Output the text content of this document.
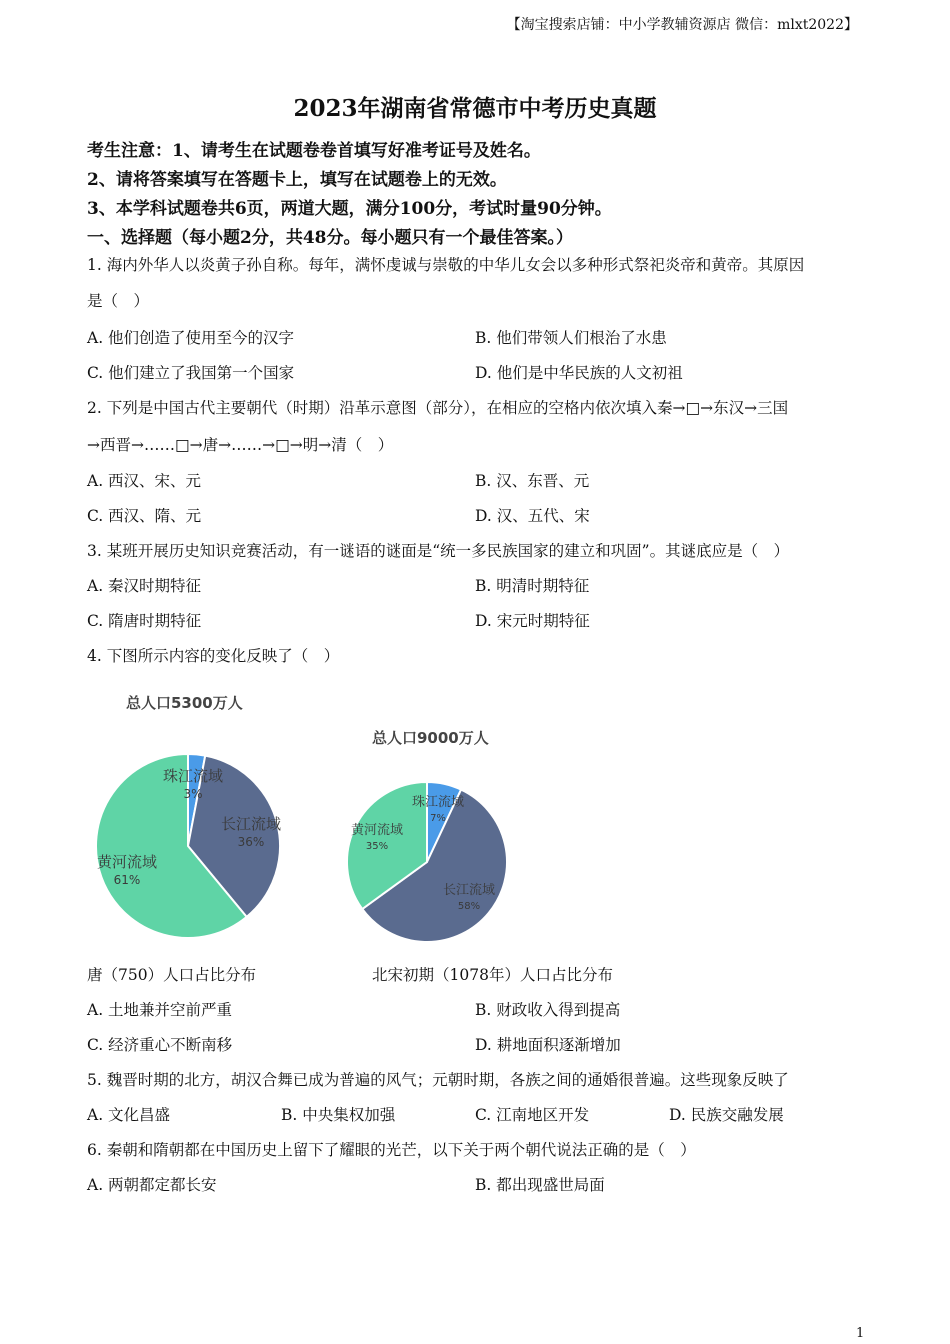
【淘宝搜索店铺：中小学教辅资源店 微信：mlxt2022】
2023年湖南省常德市中考历史真题
考生注意：1、请考生在试题卷卷首填写好准考证号及姓名。
2、请将答案填写在答题卡上，填写在试题卷上的无效。
3、本学科试题卷共6页，两道大题，满分100分，考试时量90分钟。
一、选择题（每小题2分，共48分。每小题只有一个最佳答案。）
1. 海内外华人以炎黄子孙自称。每年，满怀虔诚与崇敬的中华儿女会以多种形式祭祀炎帝和黄帝。其原因
是（　）
A. 他们创造了使用至今的汉字	B. 他们带领人们根治了水患
C. 他们建立了我国第一个国家	D. 他们是中华民族的人文初祖
2. 下列是中国古代主要朝代（时期）沿革示意图（部分），在相应的空格内依次填入秦→□→东汉→三国
→西晋→……□→唐→……→□→明→清（　）
A. 西汉、宋、元	B. 汉、东晋、元
C. 西汉、隋、元	D. 汉、五代、宋
3. 某班开展历史知识竞赛活动，有一谜语的谜面是“统一多民族国家的建立和巩固”。其谜底应是（　）
A. 秦汉时期特征	B. 明清时期特征
C. 隋唐时期特征	D. 宋元时期特征
4. 下图所示内容的变化反映了（　）
总人口5300万人
总人口9000万人
珠江流域
3%
长江流域
36%
黄河流域
61%
珠江流域
7%
长江流域
58%
黄河流域
35%
唐（750）人口占比分布	北宋初期（1078年）人口占比分布
A. 土地兼并空前严重	B. 财政收入得到提高
C. 经济重心不断南移	D. 耕地面积逐渐增加
5. 魏晋时期的北方，胡汉合舞已成为普遍的风气；元朝时期，各族之间的通婚很普遍。这些现象反映了
A. 文化昌盛	B. 中央集权加强	C. 江南地区开发	D. 民族交融发展
6. 秦朝和隋朝都在中国历史上留下了耀眼的光芒，以下关于两个朝代说法正确的是（　）
A. 两朝都定都长安	B. 都出现盛世局面
1
